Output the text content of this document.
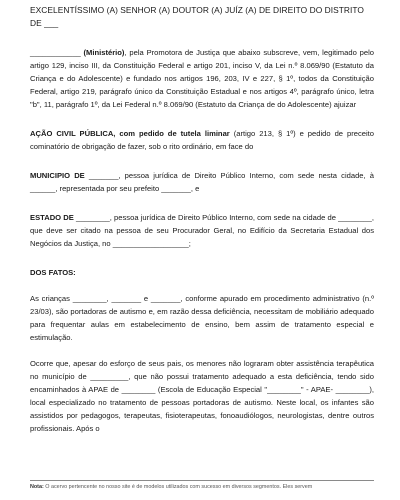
EXCELENTÍSSIMO (A) SENHOR (A) DOUTOR (A) JUÍZ (A) DE DIREITO DO DISTRITO

DE ___

____________ (Ministério), pela Promotora de Justiça que abaixo subscreve, vem, legitimado pelo artigo 129, inciso III, da Constituição Federal e artigo 201, inciso V, da Lei n.º 8.069/90 (Estatuto da Criança e do Adolescente) e fundado nos artigos 196, 203, IV e 227, § 1º, todos da Constituição Federal, artigo 219, parágrafo único da Constituição Estadual e nos artigos 4º, parágrafo único, letra "b", 11, parágrafo 1º, da Lei Federal n.º 8.069/90 (Estatuto da Criança de do Adolescente) ajuizar

AÇÃO CIVIL PÚBLICA, com pedido de tutela liminar (artigo 213, § 1º) e pedido de preceito cominatório de obrigação de fazer, sob o rito ordinário, em face do

MUNICIPIO DE _______, pessoa jurídica de Direito Público Interno, com sede nesta cidade, à ______, representada por seu prefeito _______, e

ESTADO DE ________, pessoa jurídica de Direito Público Interno, com sede na cidade de ________, que deve ser citado na pessoa de seu Procurador Geral, no Edifício da Secretaria Estadual dos Negócios da Justiça, no __________________;

DOS FATOS:

As crianças ________, _______ e _______, conforme apurado em procedimento administrativo (n.º 23/03), são portadoras de autismo e, em razão dessa deficiência, necessitam de mobiliário adequado para frequentar aulas em estabelecimento de ensino, bem assim de tratamento especial e estimulação.

Ocorre que, apesar do esforço de seus pais, os menores não lograram obter assistência terapêutica no município de _________, que não possui tratamento adequado a esta deficiência, tendo sido encaminhados à APAE de ________ (Escola de Educação Especial "________" - APAE- ________), local especializado no tratamento de pessoas portadoras de autismo. Neste local, os infantes são assistidos por pedagogos, terapeutas, fisioterapeutas, fonoaudiólogos, neurologistas, dentre outros profissionais. Após o

Nota: O acervo pertencente no nosso site é de modelos utilizados com sucesso em diversos segmentos. Eles servem
